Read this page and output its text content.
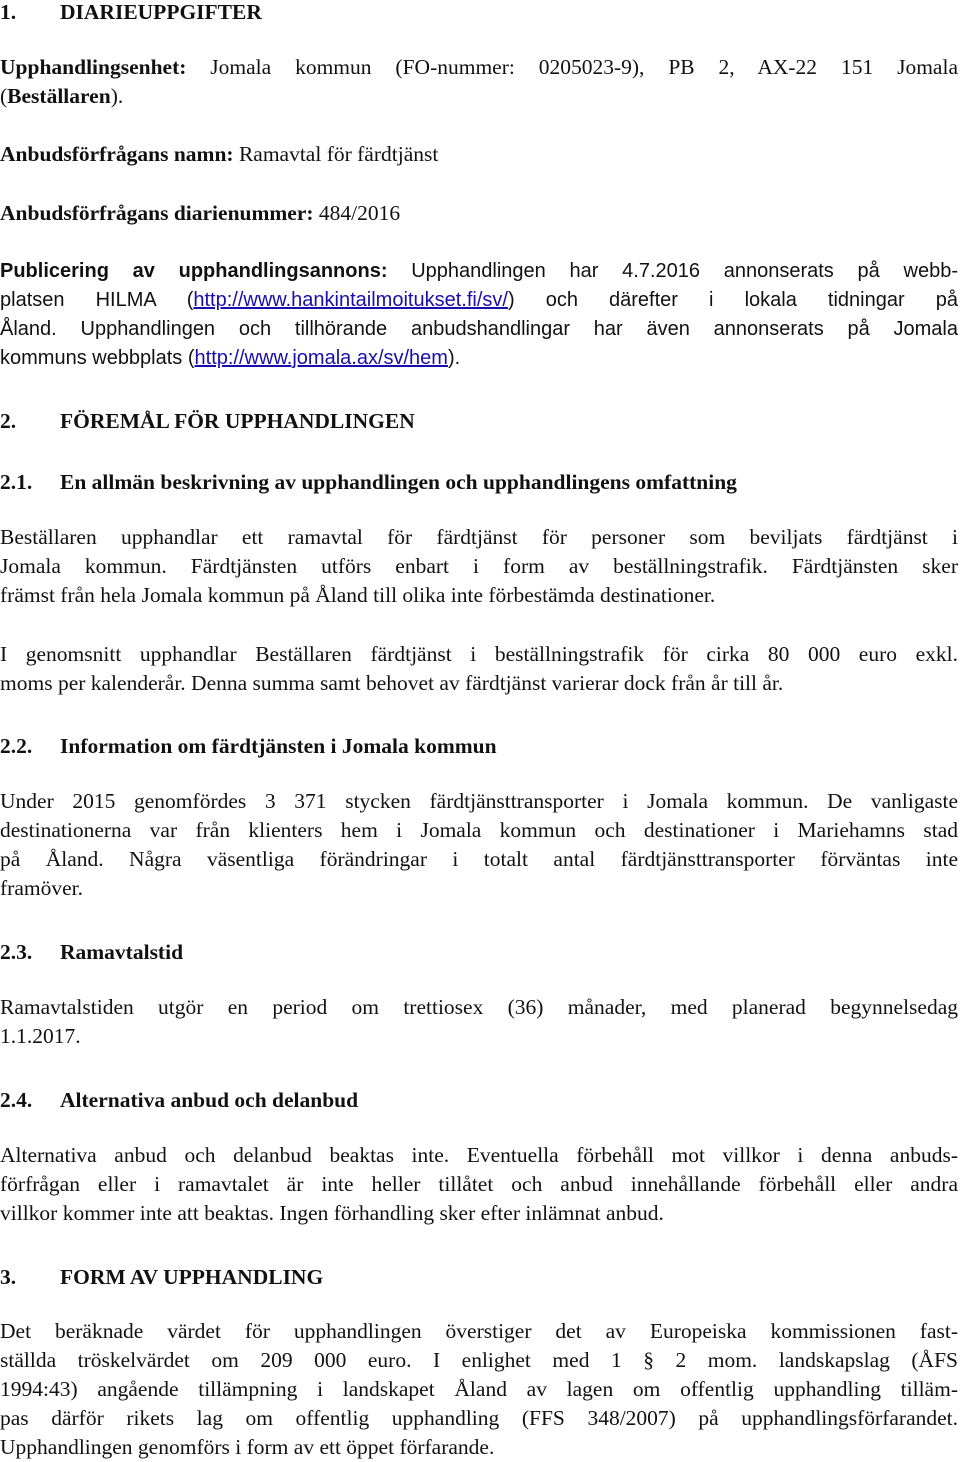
1. DIARIEUPPGIFTER
Upphandlingsenhet: Jomala kommun (FO-nummer: 0205023-9), PB 2, AX-22 151 Jomala
(Beställaren).
Anbudsförfrågans namn: Ramavtal för färdtjänst
Anbudsförfrågans diarienummer: 484/2016
Publicering av upphandlingsannons: Upphandlingen har 4.7.2016 annonserats på webb-
platsen HILMA (http://www.hankintailmoitukset.fi/sv/) och därefter i lokala tidningar på
Åland. Upphandlingen och tillhörande anbudshandlingar har även annonserats på Jomala
kommuns webbplats (http://www.jomala.ax/sv/hem).
2. FÖREMÅL FÖR UPPHANDLINGEN
2.1. En allmän beskrivning av upphandlingen och upphandlingens omfattning
Beställaren upphandlar ett ramavtal för färdtjänst för personer som beviljats färdtjänst i
Jomala kommun. Färdtjänsten utförs enbart i form av beställningstrafik. Färdtjänsten sker
främst från hela Jomala kommun på Åland till olika inte förbestämda destinationer.
I genomsnitt upphandlar Beställaren färdtjänst i beställningstrafik för cirka 80 000 euro exkl.
moms per kalenderår. Denna summa samt behovet av färdtjänst varierar dock från år till år.
2.2. Information om färdtjänsten i Jomala kommun
Under 2015 genomfördes 3 371 stycken färdtjänsttransporter i Jomala kommun. De vanligaste
destinationerna var från klienters hem i Jomala kommun och destinationer i Mariehamns stad
på Åland. Några väsentliga förändringar i totalt antal färdtjänsttransporter förväntas inte
framöver.
2.3. Ramavtalstid
Ramavtalstiden utgör en period om trettiosex (36) månader, med planerad begynnelsedag
1.1.2017.
2.4. Alternativa anbud och delanbud
Alternativa anbud och delanbud beaktas inte. Eventuella förbehåll mot villkor i denna anbuds-
förfrågan eller i ramavtalet är inte heller tillåtet och anbud innehållande förbehåll eller andra
villkor kommer inte att beaktas. Ingen förhandling sker efter inlämnat anbud.
3. FORM AV UPPHANDLING
Det beräknade värdet för upphandlingen överstiger det av Europeiska kommissionen fast-
ställda tröskelvärdet om 209 000 euro. I enlighet med 1 § 2 mom. landskapslag (ÅFS
1994:43) angående tillämpning i landskapet Åland av lagen om offentlig upphandling tilläm-
pas därför rikets lag om offentlig upphandling (FFS 348/2007) på upphandlingsförfarandet.
Upphandlingen genomförs i form av ett öppet förfarande.
